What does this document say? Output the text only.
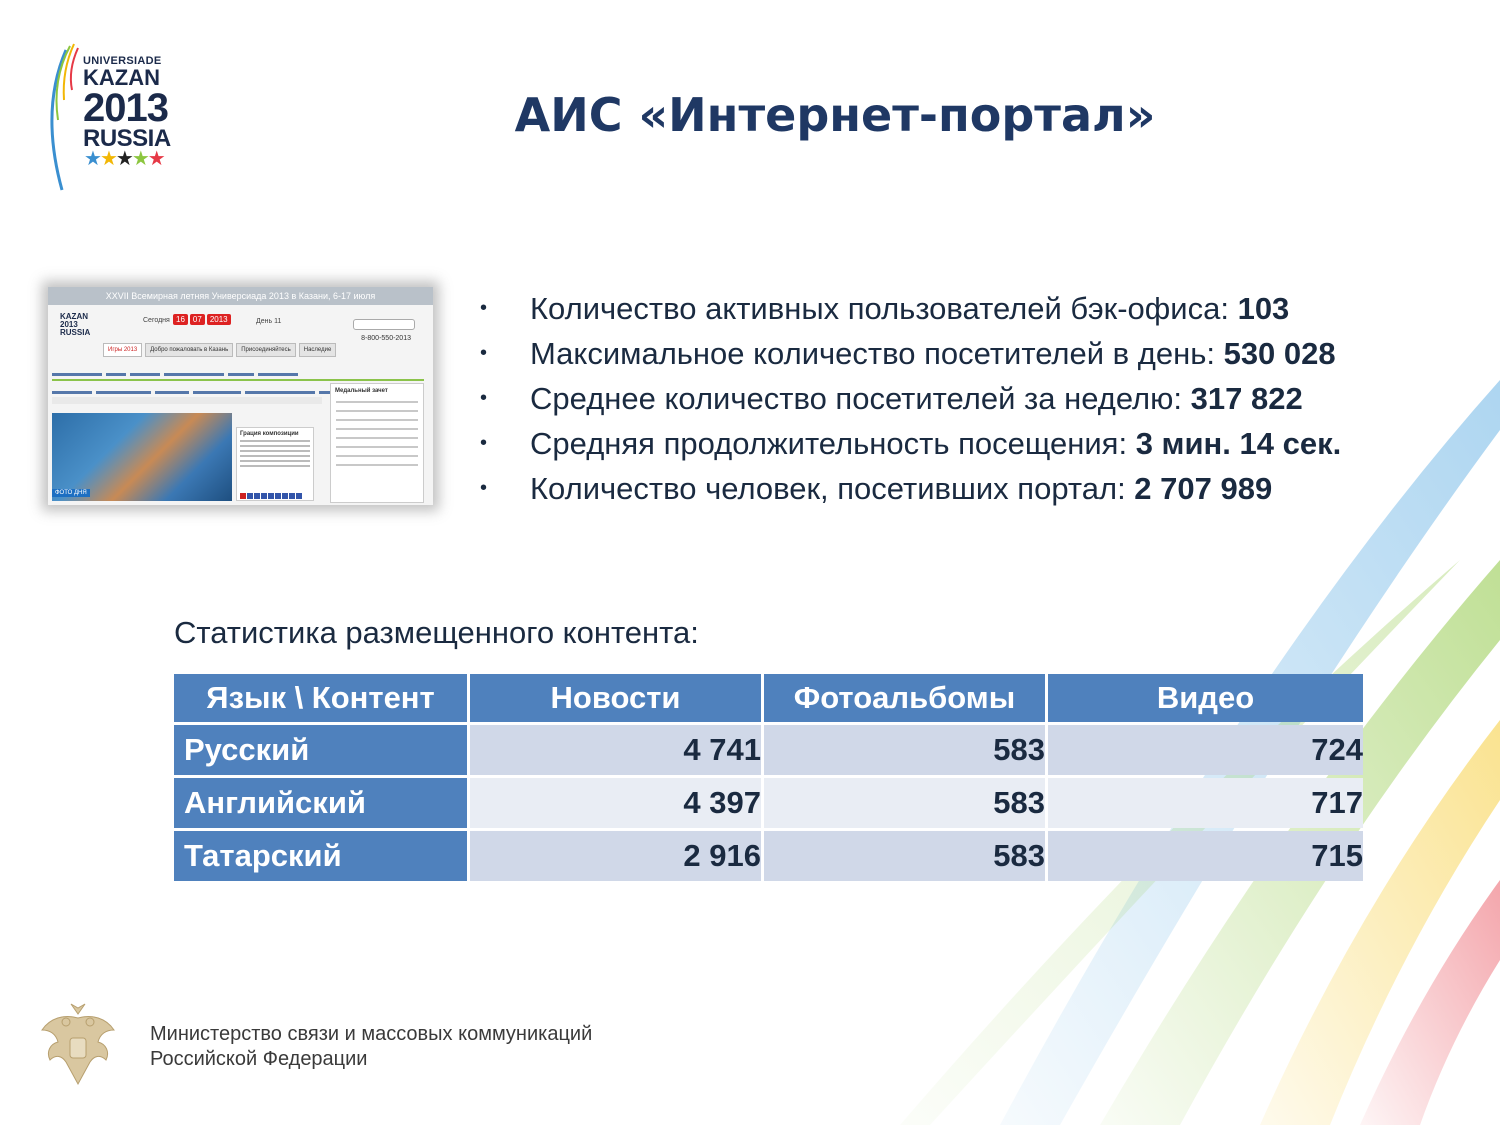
UNIVERSIADE
KAZAN
2013
RUSSIA
★★★★★
АИС «Интернет-портал»
XXVII Всемирная летняя Универсиада 2013 в Казани, 6-17 июля
KAZAN
2013
RUSSIA
Сегодня 16	07	2013	День 11
8-800-550-2013
Игры 2013	Добро пожаловать в Казань	Присоединяйтесь	Наследие

ФОТО ДНЯ
Грация композиции
Медальный зачет
• Количество активных пользователей бэк-офиса: 103
• Максимальное количество посетителей в день: 530 028
• Среднее количество посетителей за неделю: 317 822
• Средняя продолжительность посещения: 3 мин. 14 сек.
• Количество человек, посетивших портал: 2 707 989
Статистика размещенного контента:
Язык \ Контент	Новости	Фотоальбомы	Видео
Русский	4 741	583	724
Английский	4 397	583	717
Татарский	2 916	583	715
Министерство связи и массовых коммуникаций
Российской Федерации
